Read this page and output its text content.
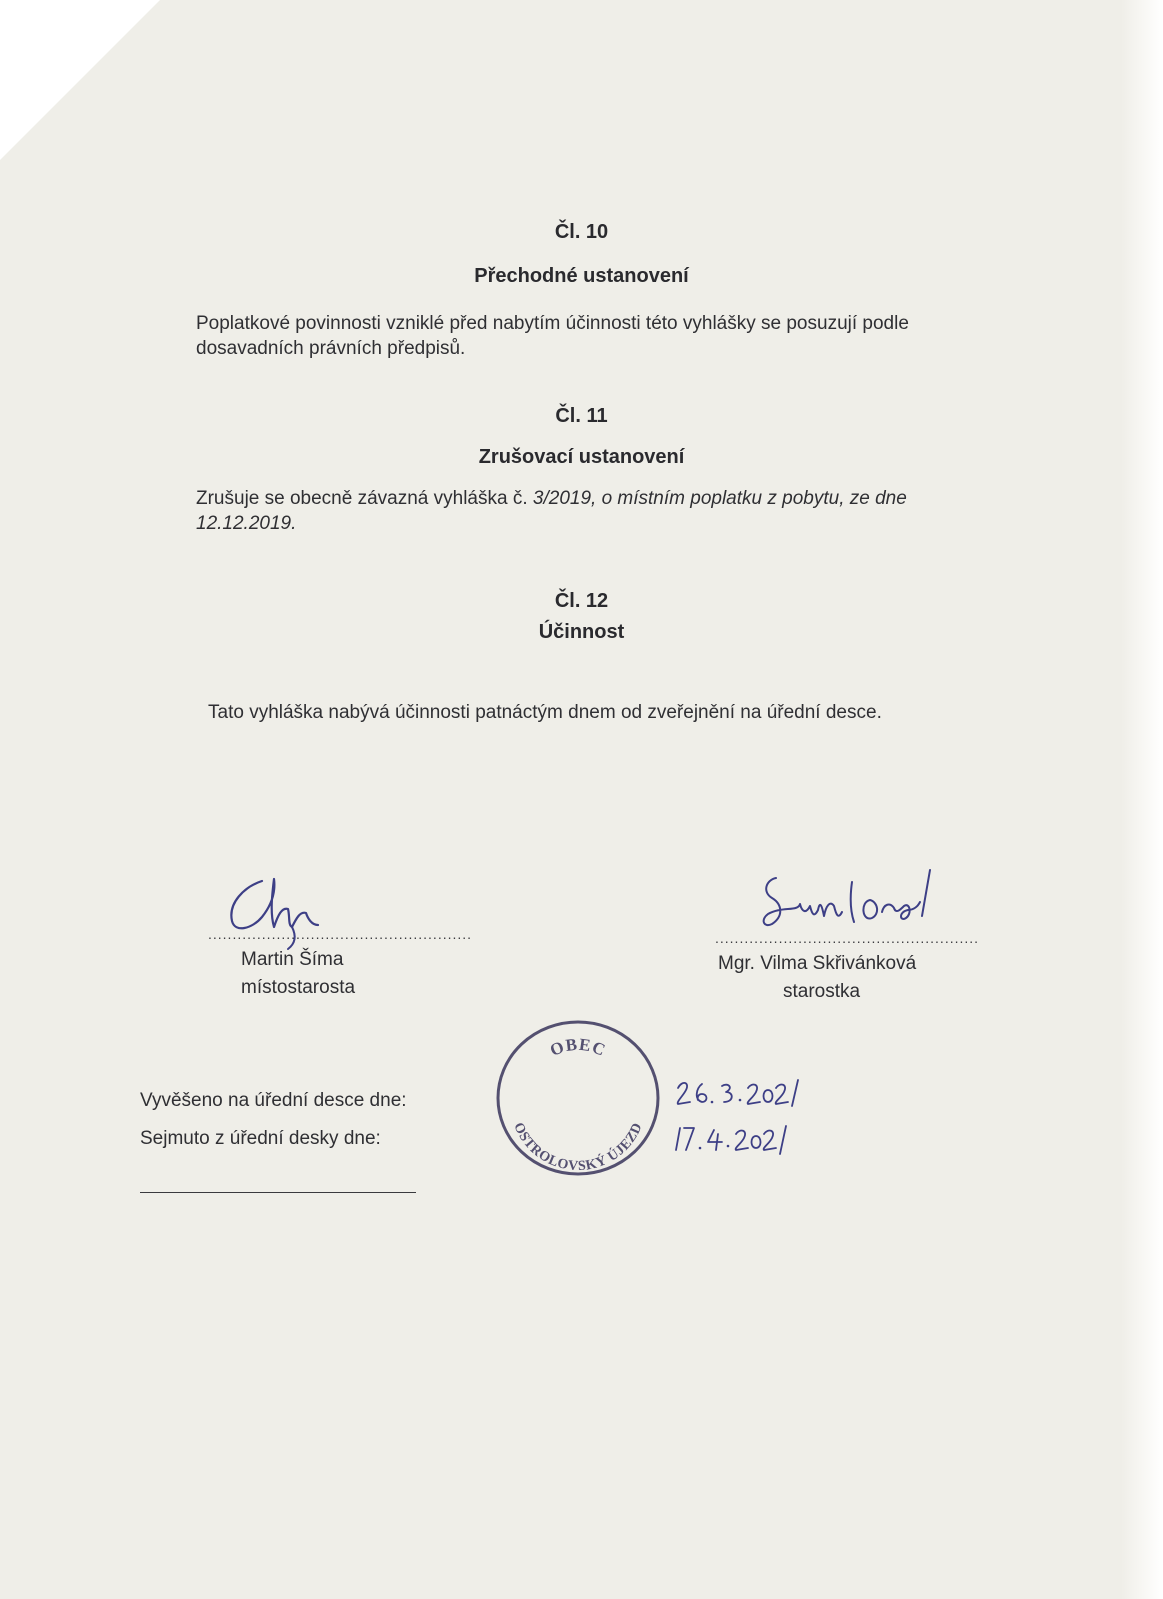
Čl. 10
Přechodné ustanovení

Poplatkové povinnosti vzniklé před nabytím účinnosti této vyhlášky se posuzují podle dosavadních právních předpisů.

Čl. 11
Zrušovací ustanovení

Zrušuje se obecně závazná vyhláška č. 3/2019, o místním poplatku z pobytu, ze dne 12.12.2019.

Čl. 12
Účinnost

Tato vyhláška nabývá účinnosti patnáctým dnem od zveřejnění na úřední desce.

......................................................
Martin Šíma
místostarosta
......................................................
Mgr. Vilma Skřivánková
starostka
OBEC
OSTROLOVSKÝ ÚJEZD
Vyvěšeno na úřední desce dne:
Sejmuto z úřední desky dne:
